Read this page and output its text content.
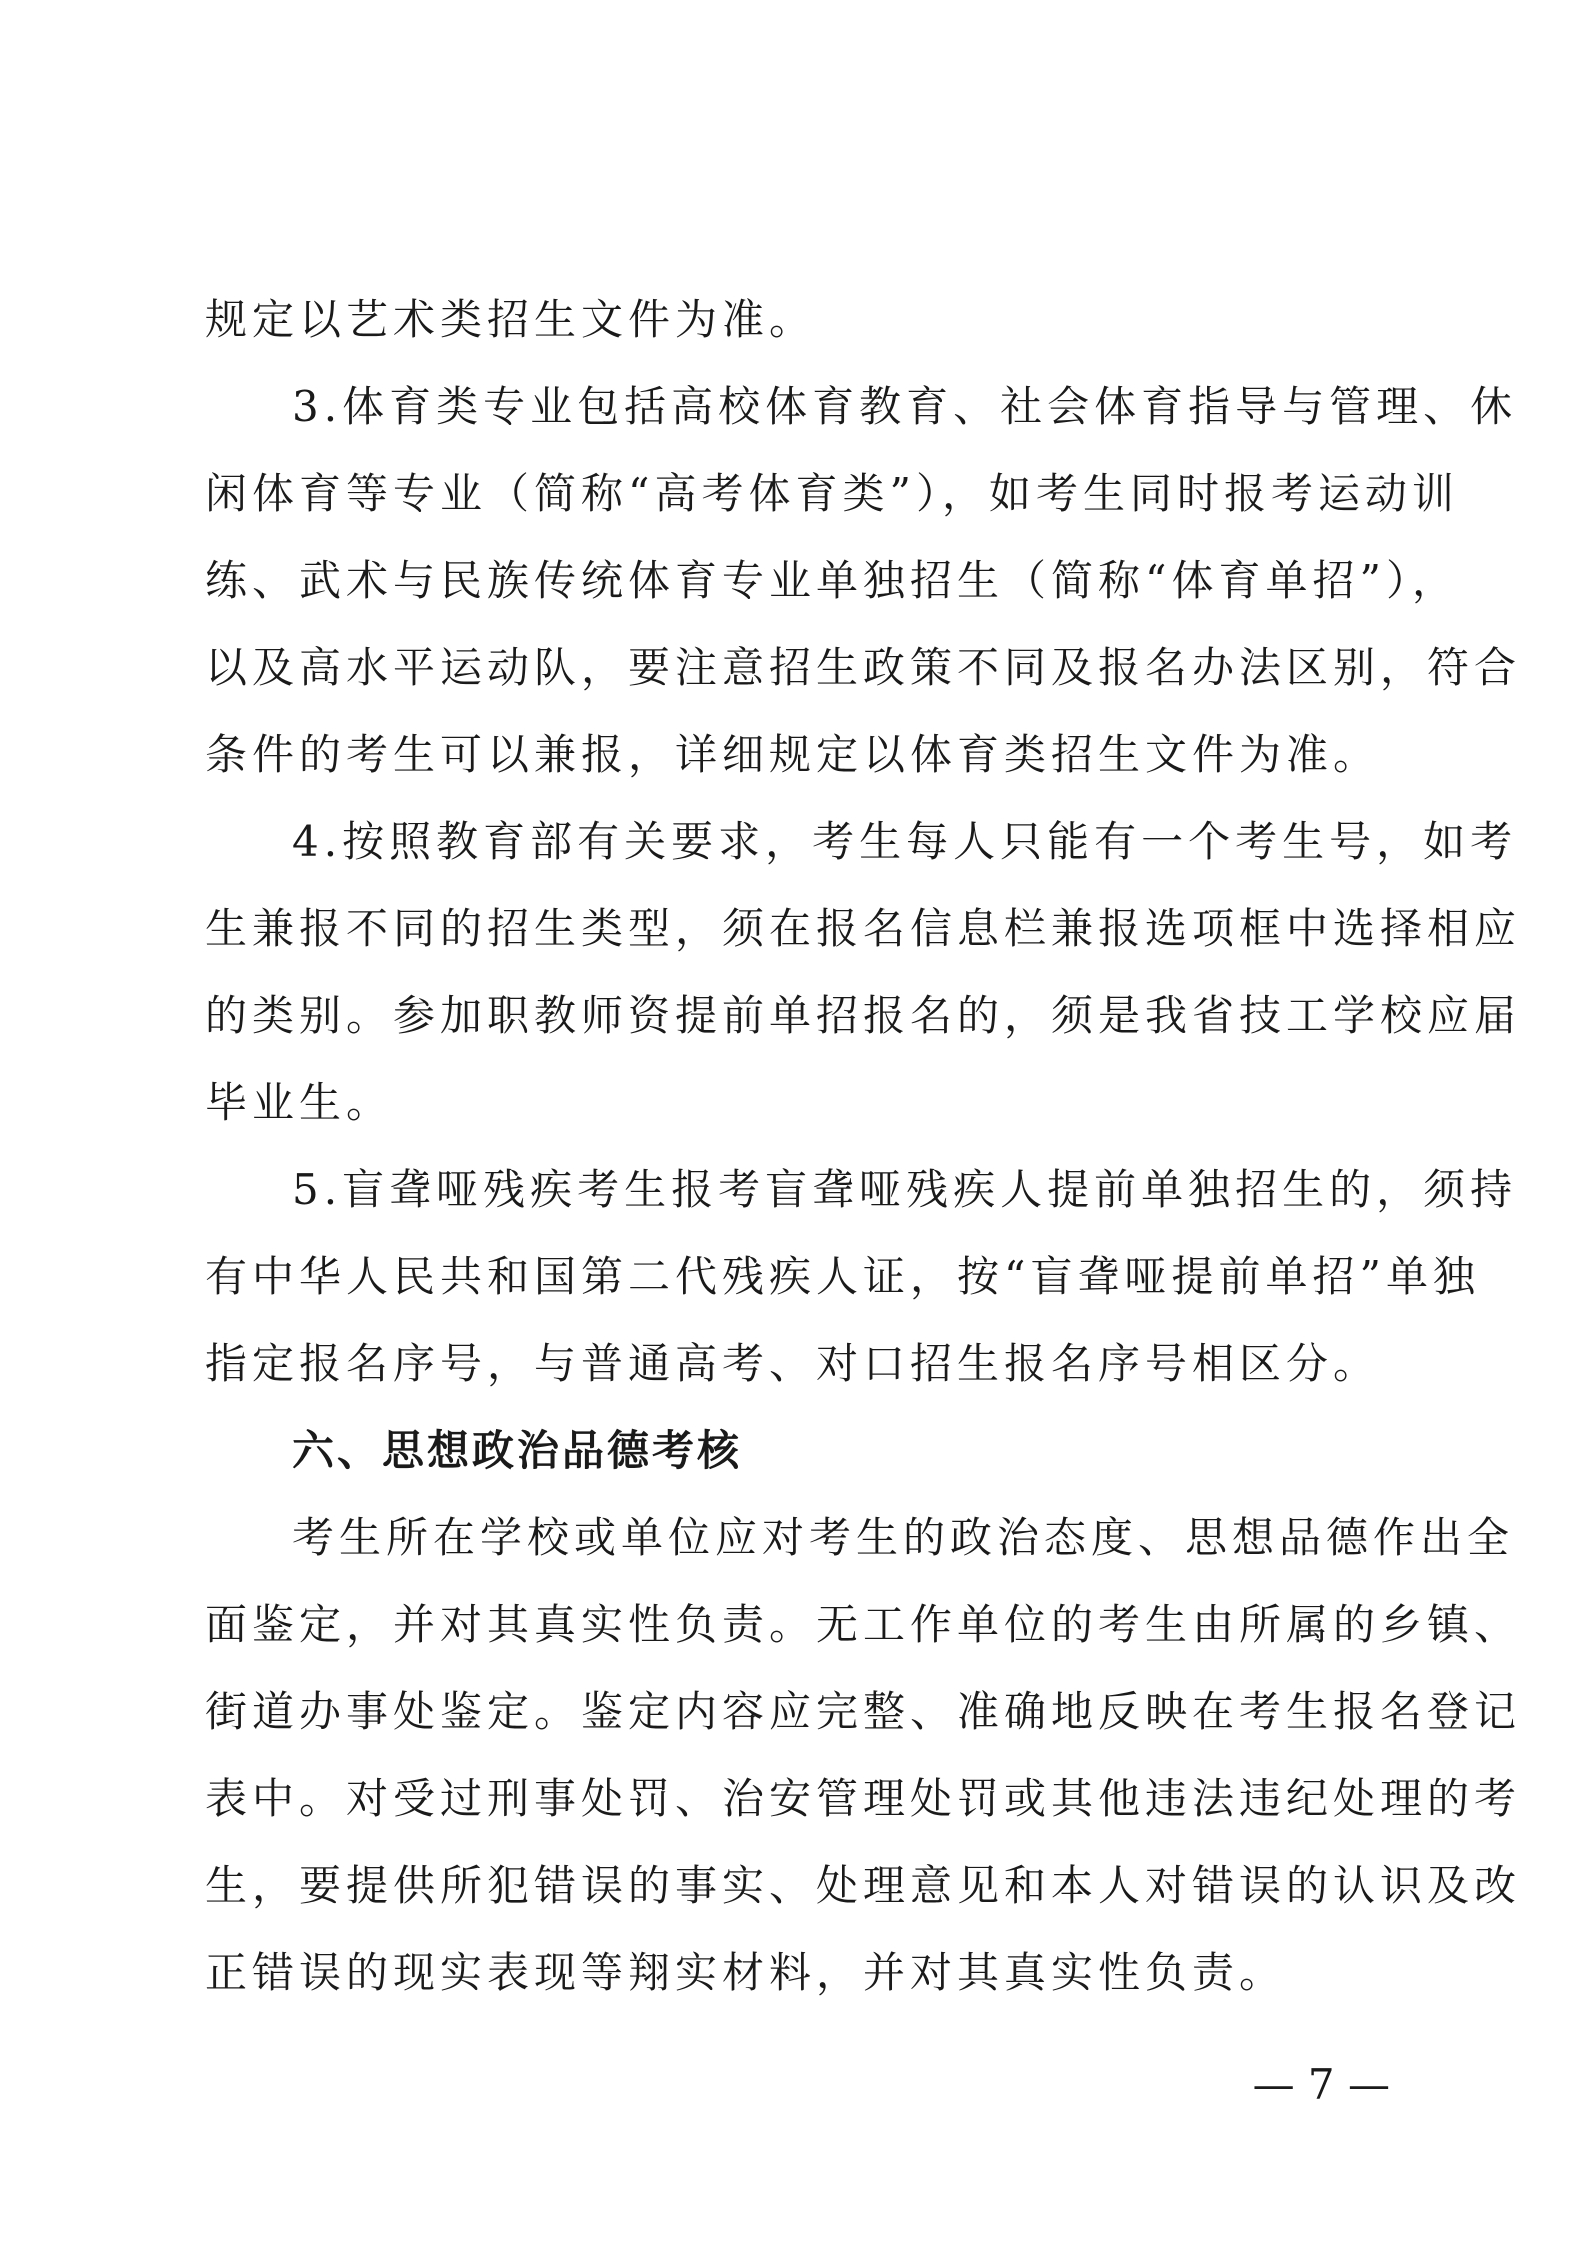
规定以艺术类招生文件为准。
3.体育类专业包括高校体育教育、社会体育指导与管理、休
闲体育等专业（简称“高考体育类”），如考生同时报考运动训
练、武术与民族传统体育专业单独招生（简称“体育单招”），
以及高水平运动队，要注意招生政策不同及报名办法区别，符合
条件的考生可以兼报，详细规定以体育类招生文件为准。
4.按照教育部有关要求，考生每人只能有一个考生号，如考
生兼报不同的招生类型，须在报名信息栏兼报选项框中选择相应
的类别。参加职教师资提前单招报名的，须是我省技工学校应届
毕业生。
5.盲聋哑残疾考生报考盲聋哑残疾人提前单独招生的，须持
有中华人民共和国第二代残疾人证，按“盲聋哑提前单招”单独
指定报名序号，与普通高考、对口招生报名序号相区分。
六、思想政治品德考核
考生所在学校或单位应对考生的政治态度、思想品德作出全
面鉴定，并对其真实性负责。无工作单位的考生由所属的乡镇、
街道办事处鉴定。鉴定内容应完整、准确地反映在考生报名登记
表中。对受过刑事处罚、治安管理处罚或其他违法违纪处理的考
生，要提供所犯错误的事实、处理意见和本人对错误的认识及改
正错误的现实表现等翔实材料，并对其真实性负责。
— 7 —
